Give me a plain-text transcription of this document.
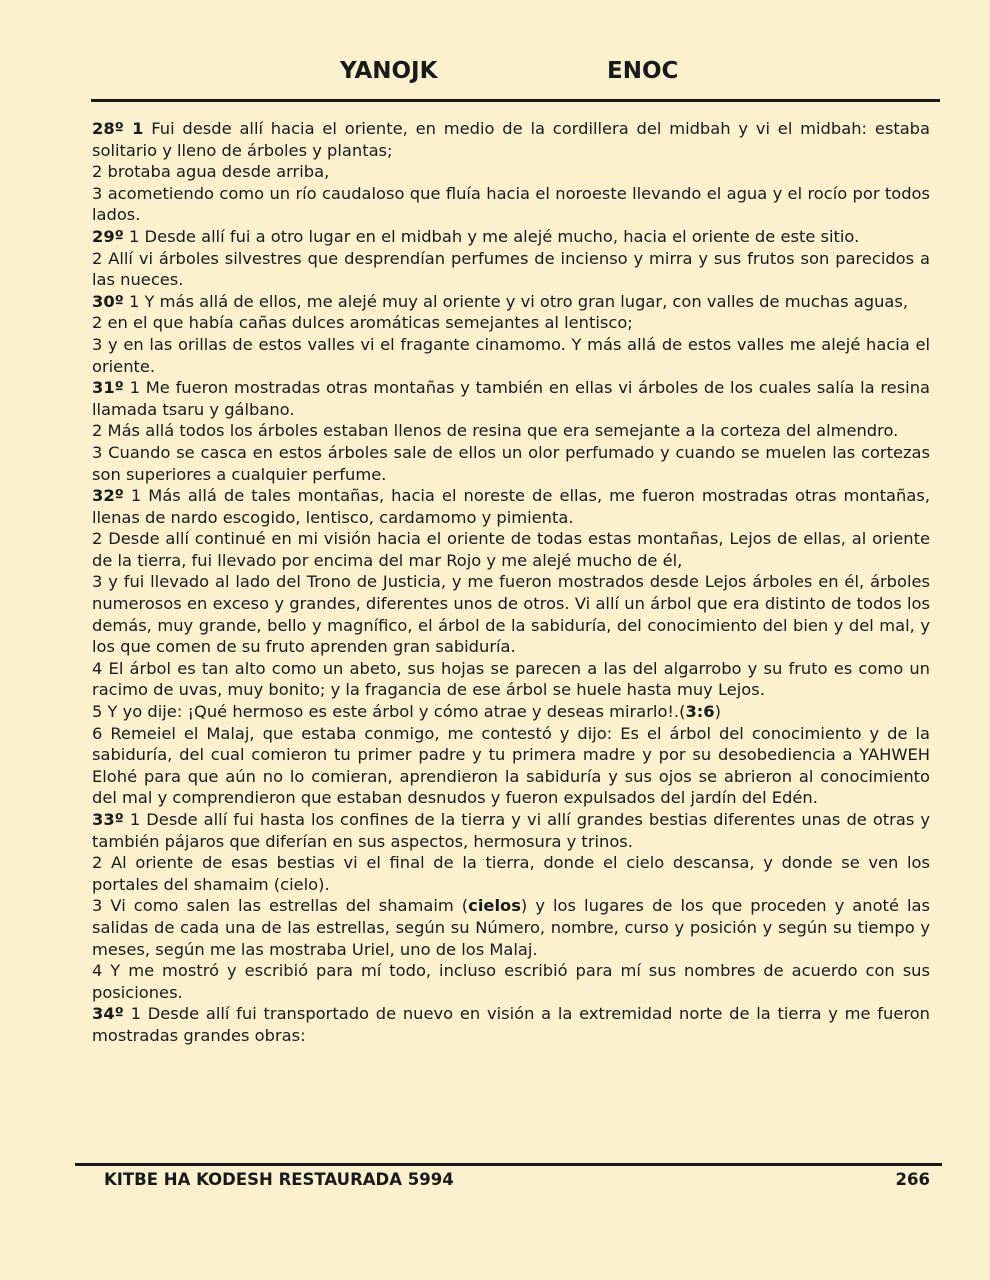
YANOJK	ENOC

28º 1 Fui desde allí hacia el oriente, en medio de la cordillera del midbah y vi el midbah: estaba solitario y lleno de árboles y plantas;

2 brotaba agua desde arriba,

3 acometiendo como un río caudaloso que fluía hacia el noroeste llevando el agua y el rocío por todos lados.

29º 1 Desde allí fui a otro lugar en el midbah y me alejé mucho, hacia el oriente de este sitio.

2 Allí vi árboles silvestres que desprendían perfumes de incienso y mirra y sus frutos son parecidos a las nueces.

30º 1 Y más allá de ellos, me alejé muy al oriente y vi otro gran lugar, con valles de muchas aguas,

2 en el que había cañas dulces aromáticas semejantes al lentisco;

3 y en las orillas de estos valles vi el fragante cinamomo. Y más allá de estos valles me alejé hacia el oriente.

31º 1 Me fueron mostradas otras montañas y también en ellas vi árboles de los cuales salía la resina llamada tsaru y gálbano.

2 Más allá todos los árboles estaban llenos de resina que era semejante a la corteza del almendro.

3 Cuando se casca en estos árboles sale de ellos un olor perfumado y cuando se muelen las cortezas son superiores a cualquier perfume.

32º 1 Más allá de tales montañas, hacia el noreste de ellas, me fueron mostradas otras montañas, llenas de nardo escogido, lentisco, cardamomo y pimienta.

2 Desde allí continué en mi visión hacia el oriente de todas estas montañas, Lejos de ellas, al oriente de la tierra, fui llevado por encima del mar Rojo y me alejé mucho de él,

3 y fui llevado al lado del Trono de Justicia, y me fueron mostrados desde Lejos árboles en él, árboles numerosos en exceso y grandes, diferentes unos de otros. Vi allí un árbol que era distinto de todos los demás, muy grande, bello y magnífico, el árbol de la sabiduría, del conocimiento del bien y del mal, y los que comen de su fruto aprenden gran sabiduría.

4 El árbol es tan alto como un abeto, sus hojas se parecen a las del algarrobo y su fruto es como un racimo de uvas, muy bonito; y la fragancia de ese árbol se huele hasta muy Lejos.

5 Y yo dije: ¡Qué hermoso es este árbol y cómo atrae y deseas mirarlo!.(3:6)

6 Remeiel el Malaj, que estaba conmigo, me contestó y dijo: Es el árbol del conocimiento y de la sabiduría, del cual comieron tu primer padre y tu primera madre y por su desobediencia a YAHWEH Elohé para que aún no lo comieran, aprendieron la sabiduría y sus ojos se abrieron al conocimiento del mal y comprendieron que estaban desnudos y fueron expulsados del jardín del Edén.

33º 1 Desde allí fui hasta los confines de la tierra y vi allí grandes bestias diferentes unas de otras y también pájaros que diferían en sus aspectos, hermosura y trinos.

2 Al oriente de esas bestias vi el final de la tierra, donde el cielo descansa, y donde se ven los portales del shamaim (cielo).

3 Vi como salen las estrellas del shamaim (cielos) y los lugares de los que proceden y anoté las salidas de cada una de las estrellas, según su Número, nombre, curso y posición y según su tiempo y meses, según me las mostraba Uriel, uno de los Malaj.

4 Y me mostró y escribió para mí todo, incluso escribió para mí sus nombres de acuerdo con sus posiciones.

34º 1 Desde allí fui transportado de nuevo en visión a la extremidad norte de la tierra y me fueron mostradas grandes obras:

KITBE HA KODESH RESTAURADA 5994	266
